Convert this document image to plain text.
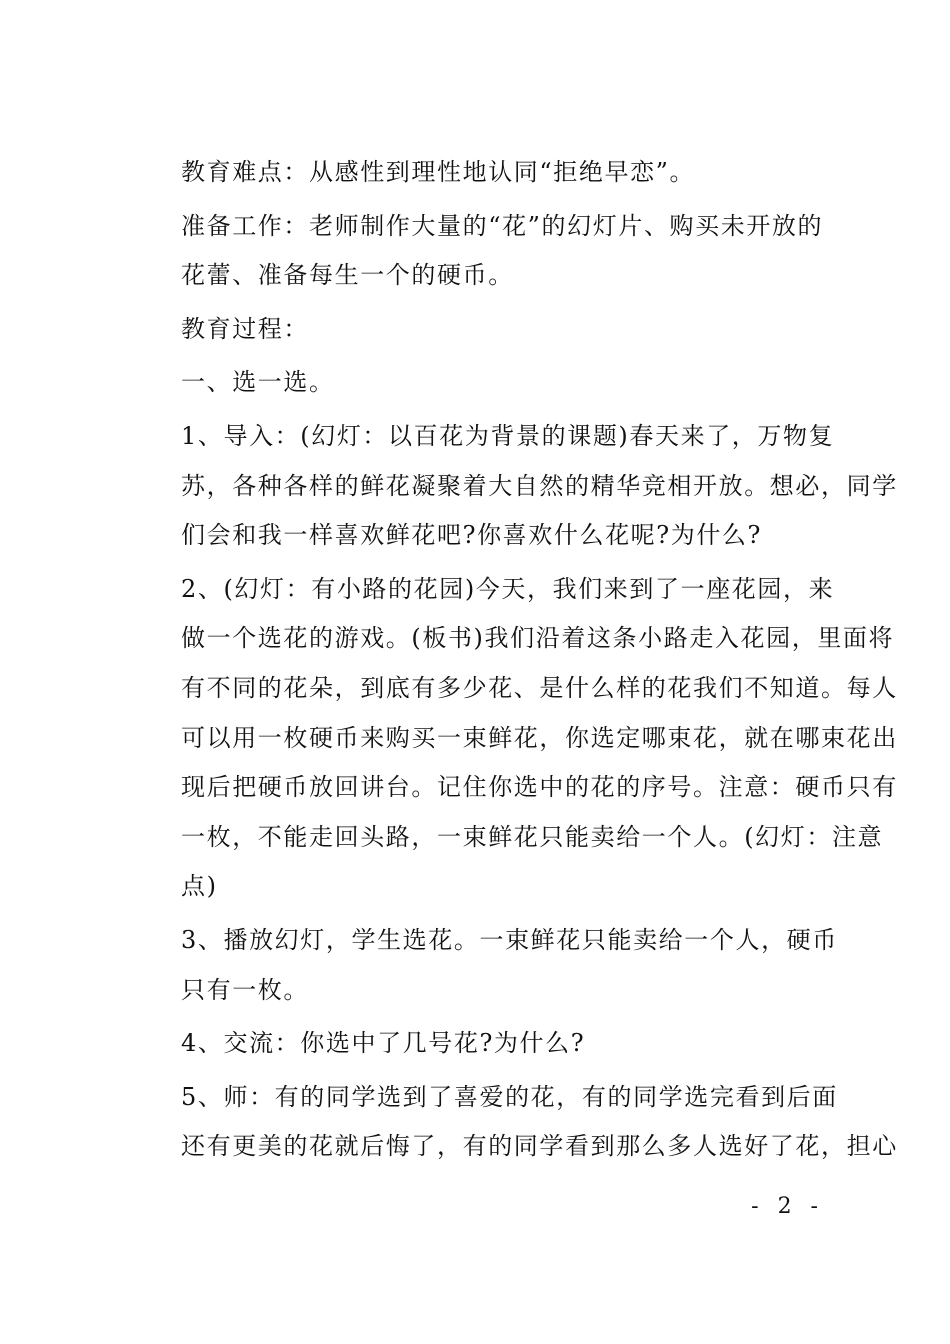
教育难点：从感性到理性地认同“拒绝早恋”。

准备工作：老师制作大量的“花”的幻灯片、购买未开放的
花蕾、准备每生一个的硬币。

教育过程：

一、选一选。

1、导入：(幻灯：以百花为背景的课题)春天来了，万物复
苏，各种各样的鲜花凝聚着大自然的精华竞相开放。想必，同学
们会和我一样喜欢鲜花吧?你喜欢什么花呢?为什么?

2、(幻灯：有小路的花园)今天，我们来到了一座花园，来
做一个选花的游戏。(板书)我们沿着这条小路走入花园，里面将
有不同的花朵，到底有多少花、是什么样的花我们不知道。每人
可以用一枚硬币来购买一束鲜花，你选定哪束花，就在哪束花出
现后把硬币放回讲台。记住你选中的花的序号。注意：硬币只有
一枚，不能走回头路，一束鲜花只能卖给一个人。(幻灯：注意
点)

3、播放幻灯，学生选花。一束鲜花只能卖给一个人，硬币
只有一枚。

4、交流：你选中了几号花?为什么?

5、师：有的同学选到了喜爱的花，有的同学选完看到后面
还有更美的花就后悔了，有的同学看到那么多人选好了花，担心

- 2 -
